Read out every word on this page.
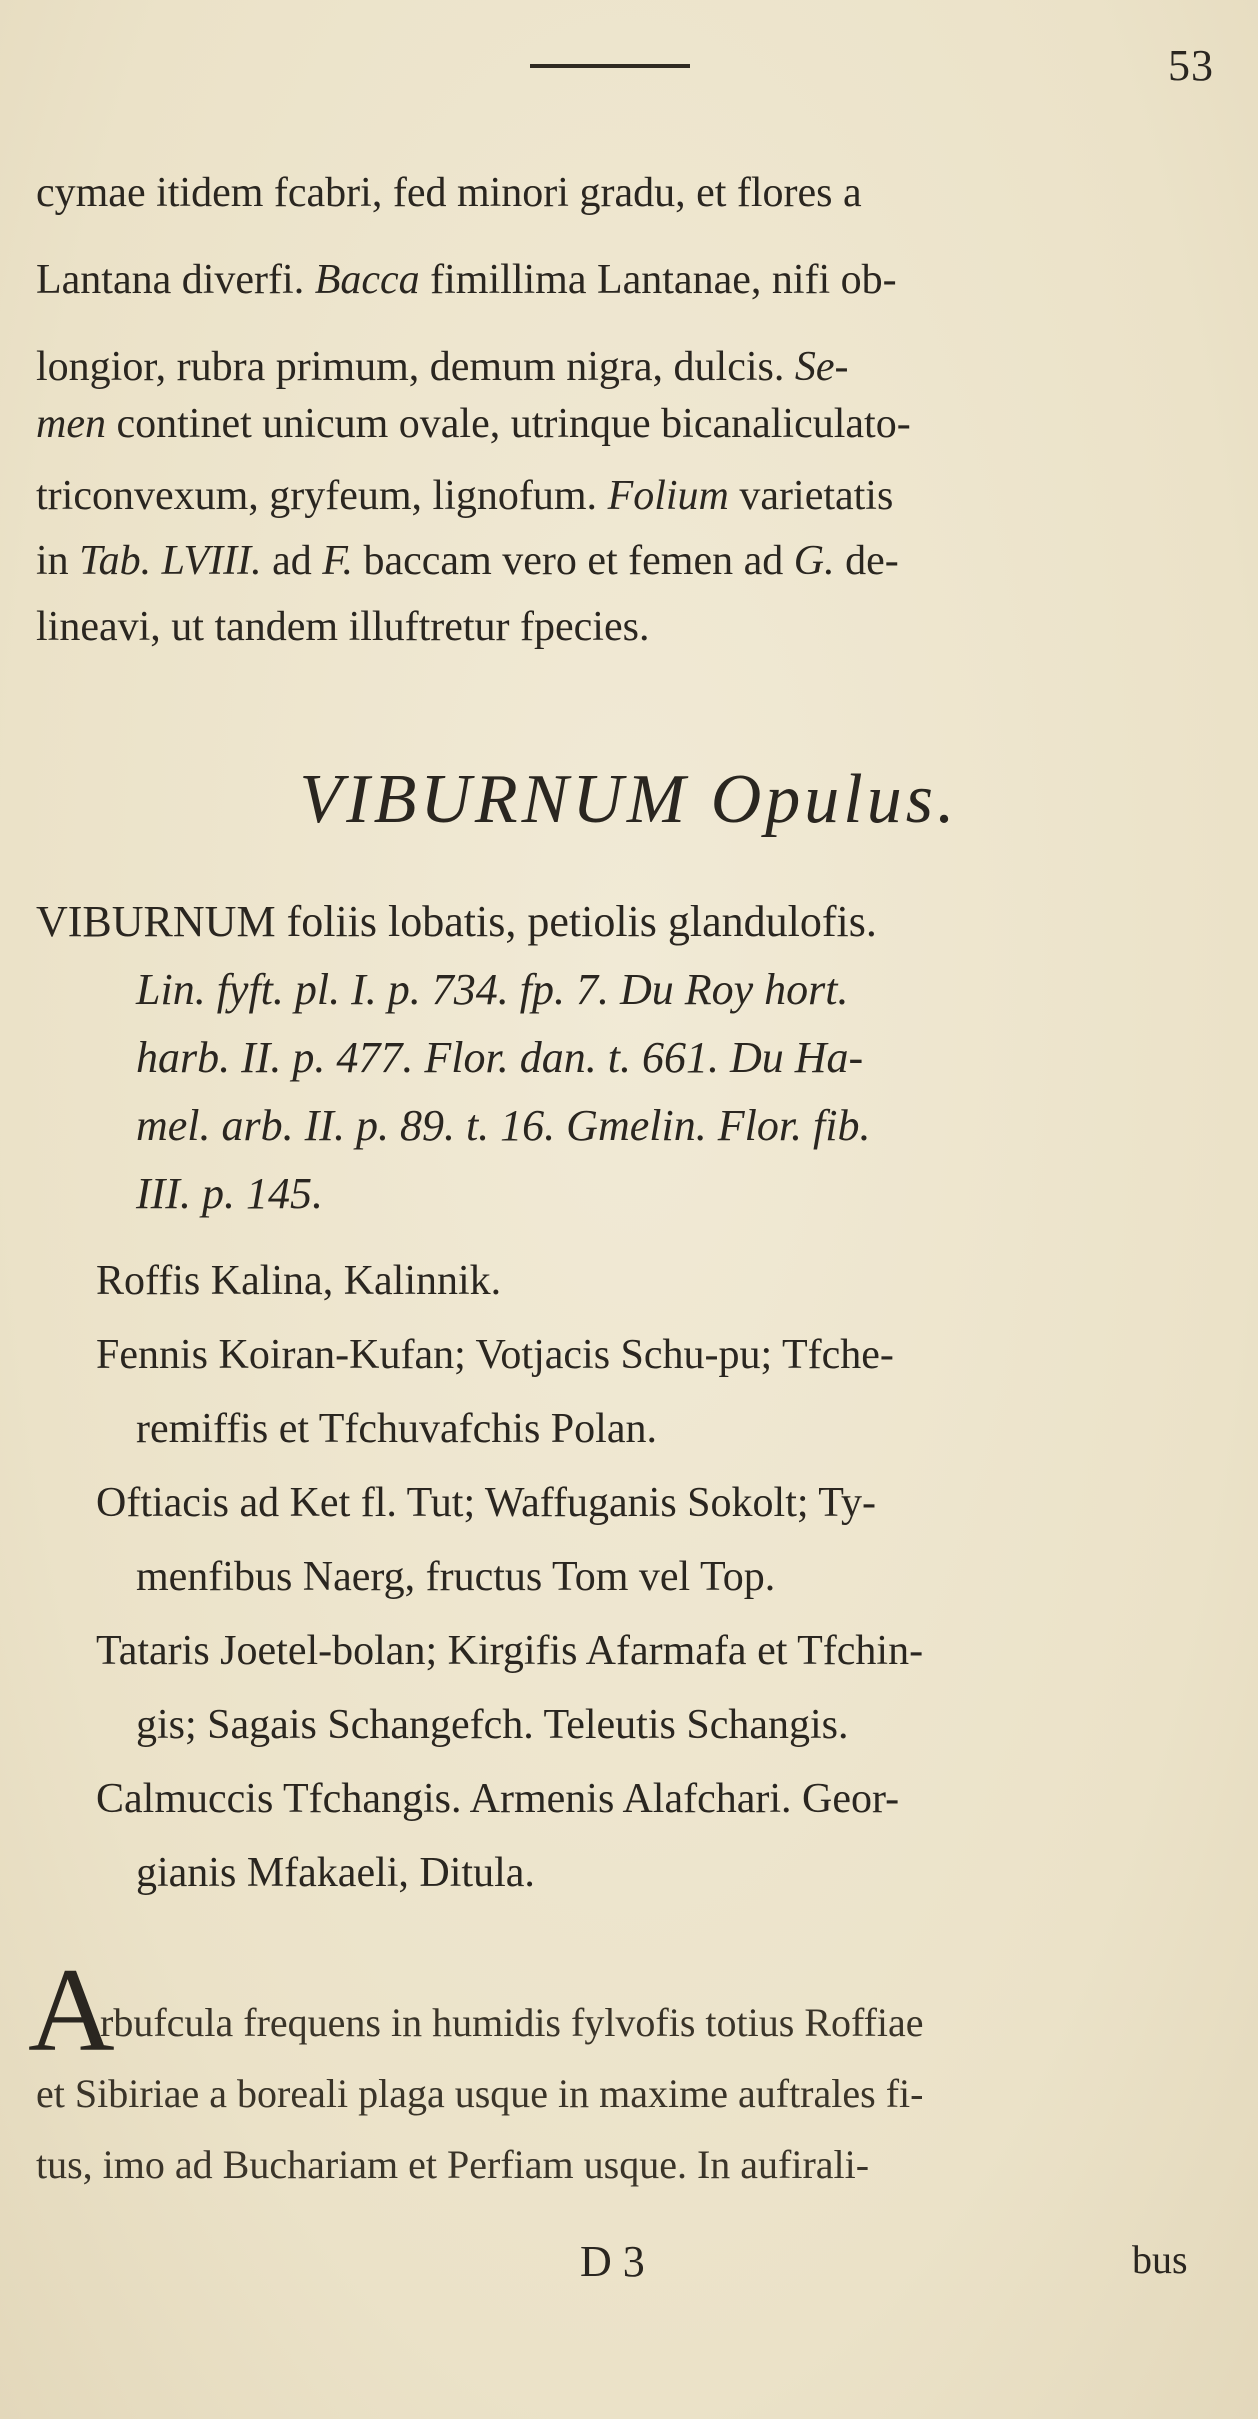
53
cymae itidem fcabri, fed minori gradu, et flores a
Lantana diverfi. Bacca fimillima Lantanae, nifi ob-
longior, rubra primum, demum nigra, dulcis. Se-
men continet unicum ovale, utrinque bicanaliculato-
triconvexum, gryfeum, lignofum. Folium varietatis
in Tab. LVIII. ad F. baccam vero et femen ad G. de-
lineavi, ut tandem illuftretur fpecies.
VIBURNUM Opulus.
VIBURNUM foliis lobatis, petiolis glandulofis.
Lin. fyft. pl. I. p. 734. fp. 7. Du Roy hort.
harb. II. p. 477. Flor. dan. t. 661. Du Ha-
mel. arb. II. p. 89. t. 16. Gmelin. Flor. fib.
III. p. 145.
Roffis Kalina, Kalinnik.
Fennis Koiran-Kufan; Votjacis Schu-pu; Tfche-
remiffis et Tfchuvafchis Polan.
Oftiacis ad Ket fl. Tut; Waffuganis Sokolt; Ty-
menfibus Naerg, fructus Tom vel Top.
Tataris Joetel-bolan; Kirgifis Afarmafa et Tfchin-
gis; Sagais Schangefch. Teleutis Schangis.
Calmuccis Tfchangis. Armenis Alafchari. Geor-
gianis Mfakaeli, Ditula.
A
rbufcula frequens in humidis fylvofis totius Roffiae
et Sibiriae a boreali plaga usque in maxime auftrales fi-
tus, imo ad Buchariam et Perfiam usque. In aufirali-
D 3	bus
